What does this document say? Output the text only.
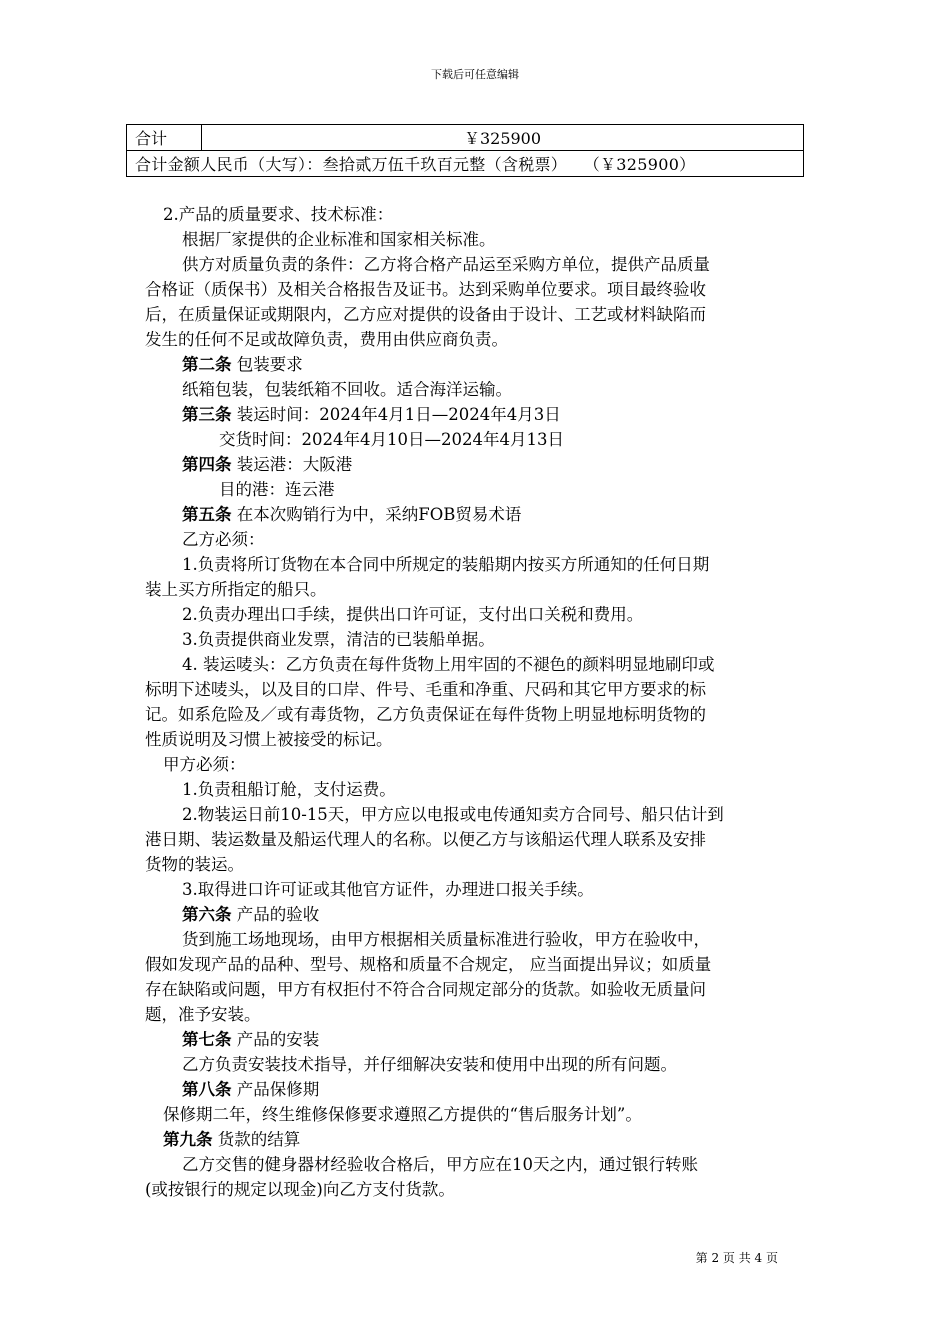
下载后可任意编辑
合计	￥325900
合计金额人民币（大写）：叁拾贰万伍千玖百元整（含税票）　　（￥325900）

2.产品的质量要求、技术标准：

根据厂家提供的企业标准和国家相关标准。

供方对质量负责的条件：乙方将合格产品运至采购方单位，提供产品质量

合格证（质保书）及相关合格报告及证书。达到采购单位要求。项目最终验收

后，在质量保证或期限内，乙方应对提供的设备由于设计、工艺或材料缺陷而

发生的任何不足或故障负责，费用由供应商负责。

第二条 包装要求

纸箱包装，包装纸箱不回收。适合海洋运输。

第三条 装运时间：2024年4月1日—2024年4月3日

交货时间：2024年4月10日—2024年4月13日

第四条 装运港：大阪港

目的港：连云港

第五条 在本次购销行为中，采纳FOB贸易术语

乙方必须：

1.负责将所订货物在本合同中所规定的装船期内按买方所通知的任何日期

装上买方所指定的船只。

2.负责办理出口手续，提供出口许可证，支付出口关税和费用。

3.负责提供商业发票，清洁的已装船单据。

4. 装运唛头：乙方负责在每件货物上用牢固的不褪色的颜料明显地刷印或

标明下述唛头，以及目的口岸、件号、毛重和净重、尺码和其它甲方要求的标

记。如系危险及／或有毒货物，乙方负责保证在每件货物上明显地标明货物的

性质说明及习惯上被接受的标记。

甲方必须：

1.负责租船订舱，支付运费。

2.物装运日前10-15天，甲方应以电报或电传通知卖方合同号、船只估计到

港日期、装运数量及船运代理人的名称。以便乙方与该船运代理人联系及安排

货物的装运。

3.取得进口许可证或其他官方证件，办理进口报关手续。

第六条 产品的验收

货到施工场地现场，由甲方根据相关质量标准进行验收，甲方在验收中，

假如发现产品的品种、型号、规格和质量不合规定， 应当面提出异议；如质量

存在缺陷或问题，甲方有权拒付不符合合同规定部分的货款。如验收无质量问

题，准予安装。

第七条 产品的安装

乙方负责安装技术指导，并仔细解决安装和使用中出现的所有问题。

第八条 产品保修期

保修期二年，终生维修保修要求遵照乙方提供的“售后服务计划”。

第九条 货款的结算

乙方交售的健身器材经验收合格后，甲方应在10天之内，通过银行转账

(或按银行的规定以现金)向乙方支付货款。

第 2 页 共 4 页
